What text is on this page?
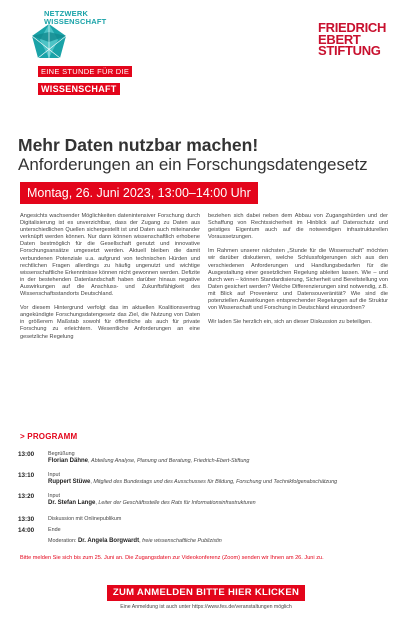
NETZWERK
WISSENSCHAFT
EINE STUNDE FÜR DIE
WISSENSCHAFT
FRIEDRICH
EBERT
STIFTUNG
Mehr Daten nutzbar machen!
Anforderungen an ein Forschungsdatengesetz
Montag, 26. Juni 2023, 13:00–14:00 Uhr

Angesichts wachsender Möglichkeiten datenintensiver Forschung durch Digitalisierung ist es unverzichtbar, dass der Zugang zu Daten aus unterschiedlichen Quellen sichergestellt ist und Daten auch miteinander verknüpft werden können. Nur dann können wissenschaftlich erhobene Daten bestmöglich für die Gesellschaft genutzt und innovative Forschungsansätze umgesetzt werden. Aktuell bleiben die damit verbundenen Potenziale u.a. aufgrund von technischen Hürden und rechtlichen Fragen allerdings zu häufig ungenutzt und wichtige wissenschaftliche Erkenntnisse können nicht gewonnen werden. Defizite in der bestehenden Datenlandschaft haben darüber hinaus negative Auswirkungen auf die Anschluss- und Zukunftsfähigkeit des Wissenschaftsstandorts Deutschland.

Vor diesem Hintergrund verfolgt das im aktuellen Koalitionsvertrag angekündigte Forschungsdatengesetz das Ziel, die Nutzung von Daten in größerem Maßstab sowohl für öffentliche als auch für private Forschung zu erleichtern. Wesentliche Anforderungen an eine gesetzliche Regelung

beziehen sich dabei neben dem Abbau von Zugangshürden und der Schaffung von Rechtssicherheit im Hinblick auf Datenschutz und geistiges Eigentum auch auf die notwendigen infrastrukturellen Voraussetzungen.

Im Rahmen unserer nächsten „Stunde für die Wissenschaft“ möchten wir darüber diskutieren, welche Schlussfolgerungen sich aus den verschiedenen Anforderungen und Handlungsbedarfen für die Ausgestaltung einer gesetzlichen Regelung ableiten lassen. Wie – und durch wen – können Standardisierung, Sicherheit und Bereitstellung von Daten gesichert werden? Welche Differenzierungen sind notwendig, z.B. mit Blick auf Provenienz und Datensouveränität? Wie sind die potenziellen Auswirkungen entsprechender Regelungen auf die Struktur von Wissenschaft und Forschung in Deutschland einzuordnen?

Wir laden Sie herzlich ein, sich an dieser Diskussion zu beteiligen.

> PROGRAMM
13:00	Begrüßung
Florian Dähne, Abteilung Analyse, Planung und Beratung, Friedrich-Ebert-Stiftung
13:10	Input
Ruppert Stüwe, Mitglied des Bundestags und des Ausschusses für Bildung, Forschung und Technikfolgenabschätzung
13:20	Input
Dr. Stefan Lange, Leiter der Geschäftsstelle des Rats für Informationsinfrastrukturen
13:30	Diskussion mit Onlinepublikum
14:00	Ende
Moderation: Dr. Angela Borgwardt, freie wissenschaftliche Publizistin
Bitte melden Sie sich bis zum 25. Juni an. Die Zugangsdaten zur Videokonferenz (Zoom) senden wir Ihnen am 26. Juni zu.
ZUM ANMELDEN BITTE HIER KLICKEN
Eine Anmeldung ist auch unter https://www.fes.de/veranstaltungen möglich
